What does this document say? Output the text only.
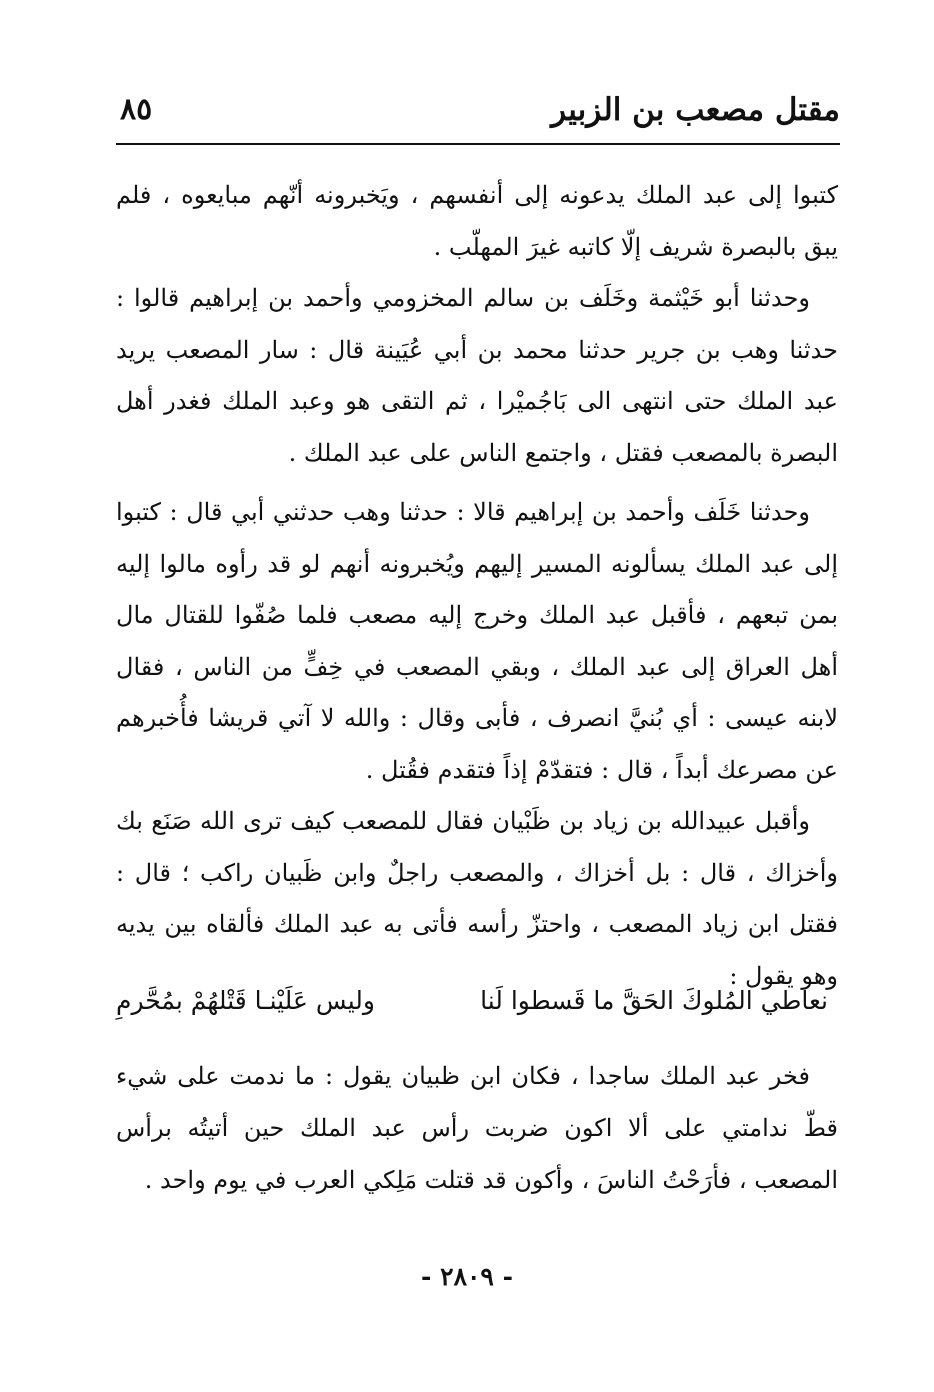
مقتل مصعب بن الزبير
٨٥

كتبوا إلى عبد الملك يدعونه إلى أنفسهم ، ويَخبرونه أنّهم مبايعوه ، فلم يبق بالبصرة شريف إلّا كاتبه غيرَ المهلّب .

وحدثنا أبو خَيْثمة وخَلَف بن سالم المخزومي وأحمد بن إبراهيم قالوا : حدثنا وهب بن جرير حدثنا محمد بن أبي عُيَينة قال : سار المصعب يريد عبد الملك حتى انتهى الى بَاجُميْرا ، ثم التقى هو وعبد الملك فغدر أهل البصرة بالمصعب فقتل ، واجتمع الناس على عبد الملك .

وحدثنا خَلَف وأحمد بن إبراهيم قالا : حدثنا وهب حدثني أبي قال : كتبوا إلى عبد الملك يسألونه المسير إليهم ويُخبرونه أنهم لو قد رأوه مالوا إليه بمن تبعهم ، فأقبل عبد الملك وخرج إليه مصعب فلما صُفّوا للقتال مال أهل العراق إلى عبد الملك ، وبقي المصعب في خِفٍّ من الناس ، فقال لابنه عيسى : أي بُنيَّ انصرف ، فأبى وقال : والله لا آتي قريشا فأُخبرهم عن مصرعك أبداً ، قال : فتقدّمْ إذاً فتقدم فقُتل .

وأقبل عبيدالله بن زياد بن ظَبْيان فقال للمصعب كيف ترى الله صَنَع بك وأخزاك ، قال : بل أخزاك ، والمصعب راجلٌ وابن ظَبيان راكب ؛ قال : فقتل ابن زياد المصعب ، واحتزّ رأسه فأتى به عبد الملك فألقاه بين يديه وهو يقول :

نعاطي المُلوكَ الحَقَّ ما قَسطوا لَنا
وليس عَلَيْنـا قَتْلهُمْ بمُحَّرمِ

فخر عبد الملك ساجدا ، فكان ابن ظبيان يقول : ما ندمت على شيء قطّ ندامتي على ألا اكون ضربت رأس عبد الملك حين أتيتُه برأس المصعب ، فأرَحْتُ الناسَ ، وأكون قد قتلت مَلِكي العرب في يوم واحد .

- ٢٨٠٩ -
